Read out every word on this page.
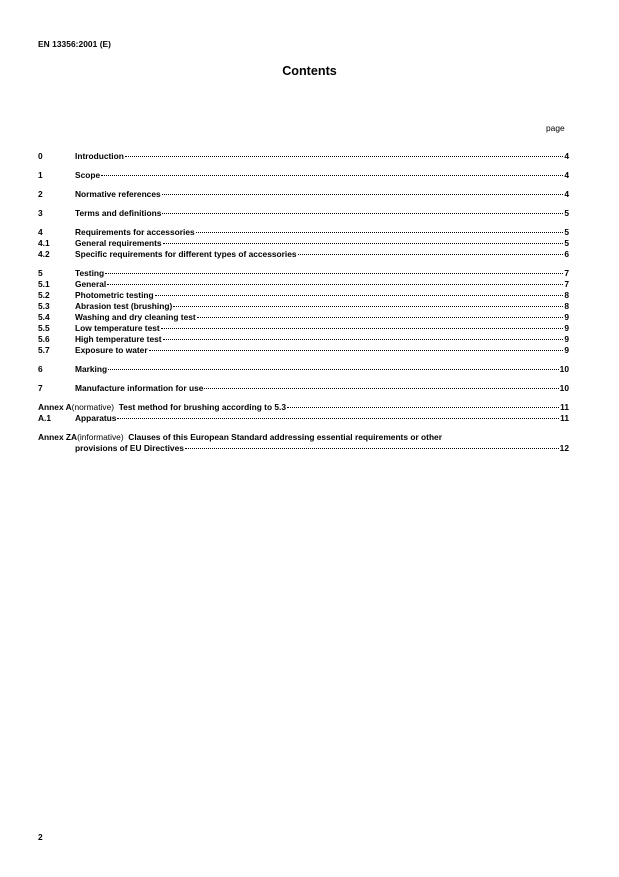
EN 13356:2001 (E)
Contents
page
0	Introduction	4
1	Scope	4
2	Normative references	4
3	Terms and definitions	5
4	Requirements for accessories	5
4.1	General requirements	5
4.2	Specific requirements for different types of accessories	6
5	Testing	7
5.1	General	7
5.2	Photometric testing	8
5.3	Abrasion test (brushing)	8
5.4	Washing and dry cleaning test	9
5.5	Low temperature test	9
5.6	High temperature test	9
5.7	Exposure to water	9
6	Marking	10
7	Manufacture information for use	10
Annex A(normative) Test method for brushing according to 5.3	11
A.1	Apparatus	11
Annex ZA(informative) Clauses of this European Standard addressing essential requirements or other
provisions of EU Directives	12
2
